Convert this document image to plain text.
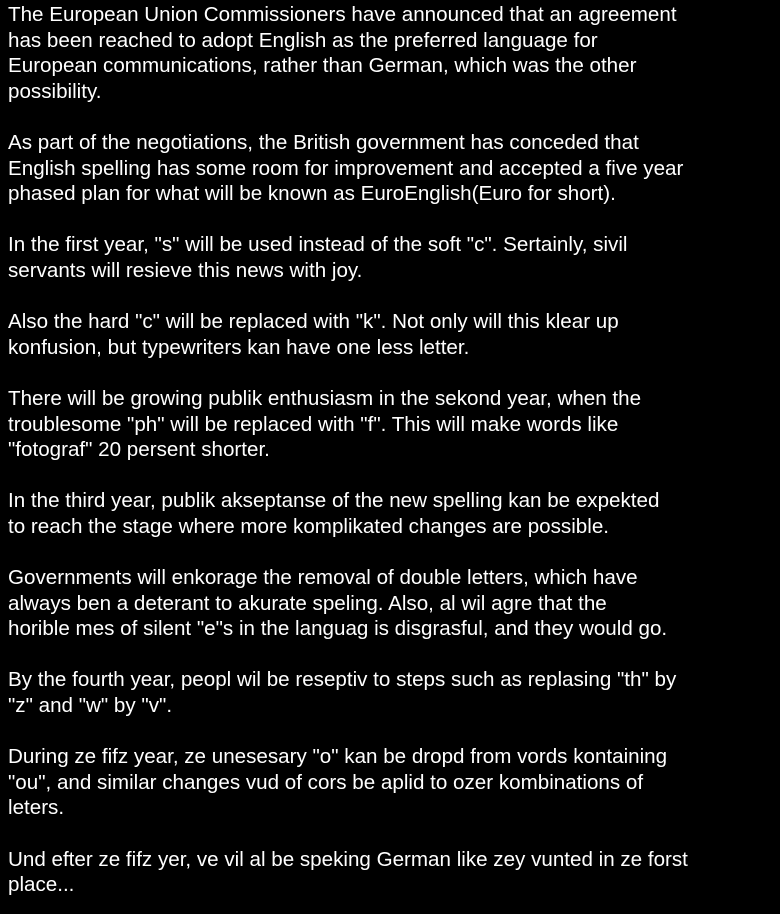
The European Union Commissioners have announced that an agreement
has been reached to adopt English as the preferred language for
European communications, rather than German, which was the other
possibility.

As part of the negotiations, the British government has conceded that
English spelling has some room for improvement and accepted a five year
phased plan for what will be known as EuroEnglish(Euro for short).

In the first year, "s" will be used instead of the soft "c". Sertainly, sivil
servants will resieve this news with joy.

Also the hard "c" will be replaced with "k". Not only will this klear up
konfusion, but typewriters kan have one less letter.

There will be growing publik enthusiasm in the sekond year, when the
troublesome "ph" will be replaced with "f". This will make words like
"fotograf" 20 persent shorter.

In the third year, publik akseptanse of the new spelling kan be expekted
to reach the stage where more komplikated changes are possible.

Governments will enkorage the removal of double letters, which have
always ben a deterant to akurate speling. Also, al wil agre that the
horible mes of silent "e"s in the languag is disgrasful, and they would go.

By the fourth year, peopl wil be reseptiv to steps such as replasing "th" by
"z" and "w" by "v".

During ze fifz year, ze unesesary "o" kan be dropd from vords kontaining
"ou", and similar changes vud of cors be aplid to ozer kombinations of
leters.

Und efter ze fifz yer, ve vil al be speking German like zey vunted in ze forst
place...
